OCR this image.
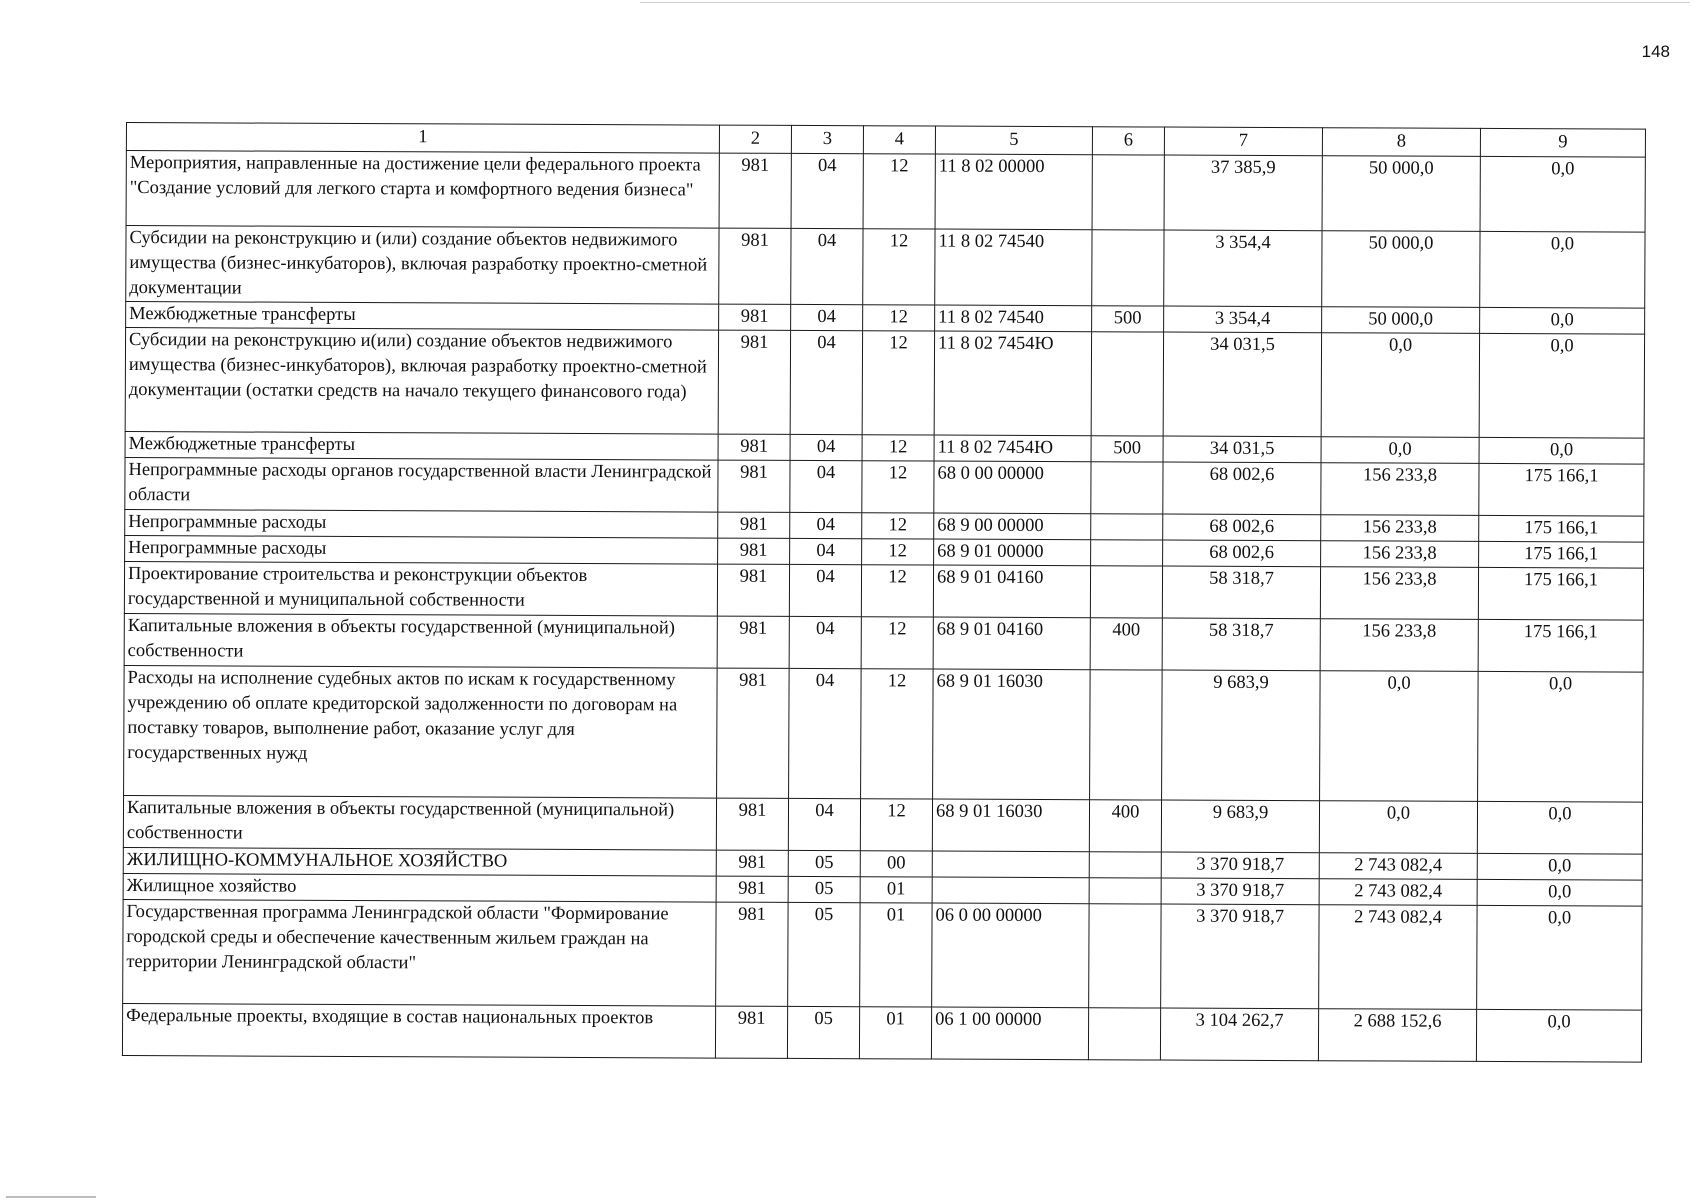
148
1	2	3	4	5	6	7	8	9
Мероприятия, направленные на достижение цели федерального проекта "Создание условий для легкого старта и комфортного ведения бизнеса"	981	04	12	11 8 02 00000		37 385,9	50 000,0	0,0
Субсидии на реконструкцию и (или) создание объектов недвижимого имущества (бизнес-инкубаторов), включая разработку проектно-сметной документации	981	04	12	11 8 02 74540		3 354,4	50 000,0	0,0
Межбюджетные трансферты	981	04	12	11 8 02 74540	500	3 354,4	50 000,0	0,0
Субсидии на реконструкцию и(или) создание объектов недвижимого имущества (бизнес-инкубаторов), включая разработку проектно-сметной документации (остатки средств на начало текущего финансового года)	981	04	12	11 8 02 7454Ю		34 031,5	0,0	0,0
Межбюджетные трансферты	981	04	12	11 8 02 7454Ю	500	34 031,5	0,0	0,0
Непрограммные расходы органов государственной власти Ленинградской области	981	04	12	68 0 00 00000		68 002,6	156 233,8	175 166,1
Непрограммные расходы	981	04	12	68 9 00 00000		68 002,6	156 233,8	175 166,1
Непрограммные расходы	981	04	12	68 9 01 00000		68 002,6	156 233,8	175 166,1
Проектирование строительства и реконструкции объектов государственной и муниципальной собственности	981	04	12	68 9 01 04160		58 318,7	156 233,8	175 166,1
Капитальные вложения в объекты государственной (муниципальной) собственности	981	04	12	68 9 01 04160	400	58 318,7	156 233,8	175 166,1
Расходы на исполнение судебных актов по искам к государственному учреждению об оплате кредиторской задолженности по договорам на поставку товаров, выполнение работ, оказание услуг для государственных нужд	981	04	12	68 9 01 16030		9 683,9	0,0	0,0
Капитальные вложения в объекты государственной (муниципальной) собственности	981	04	12	68 9 01 16030	400	9 683,9	0,0	0,0
ЖИЛИЩНО-КОММУНАЛЬНОЕ ХОЗЯЙСТВО	981	05	00			3 370 918,7	2 743 082,4	0,0
Жилищное хозяйство	981	05	01			3 370 918,7	2 743 082,4	0,0
Государственная программа Ленинградской области "Формирование городской среды и обеспечение качественным жильем граждан на территории Ленинградской области"	981	05	01	06 0 00 00000		3 370 918,7	2 743 082,4	0,0
Федеральные проекты, входящие в состав национальных проектов	981	05	01	06 1 00 00000		3 104 262,7	2 688 152,6	0,0
